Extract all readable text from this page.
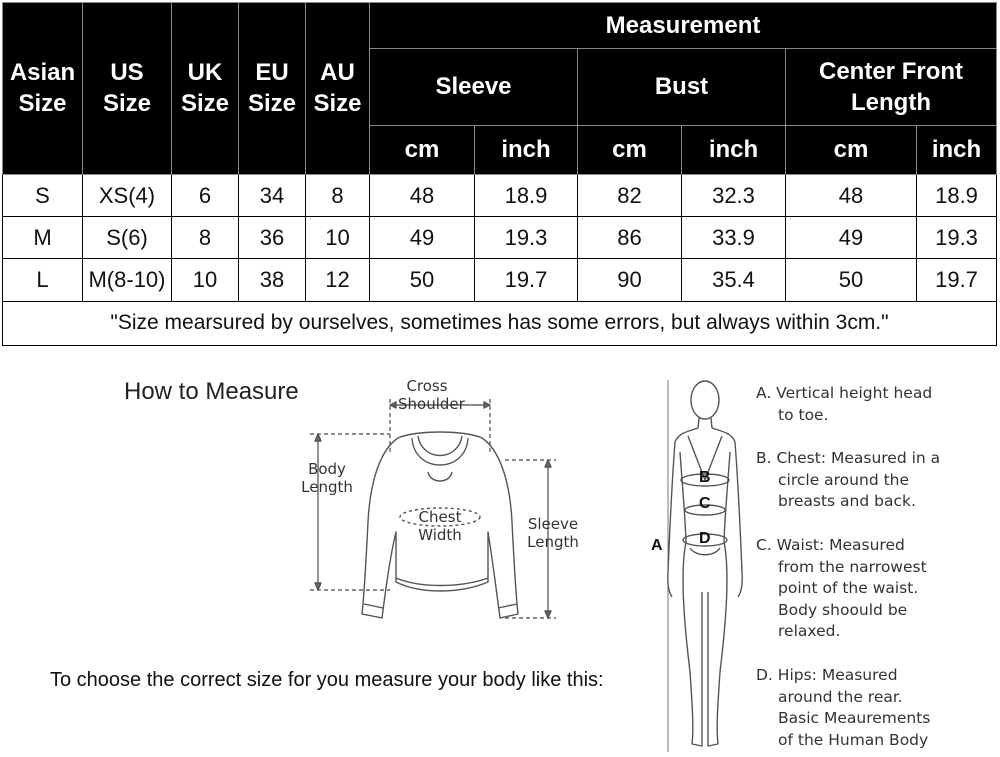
Asian Size	US Size	UK Size	EU Size	AU Size	Measurement					
					Sleeve		Bust		Center Front Length	
					cm	inch	cm	inch	cm	inch
S	XS(4)	6	34	8	48	18.9	82	32.3	48	18.9
M	S(6)	8	36	10	49	19.3	86	33.9	49	19.3
L	M(8-10)	10	38	12	50	19.7	90	35.4	50	19.7
"Size mearsured by ourselves, sometimes has some errors, but always within 3cm."										
How to Measure	Cross Shoulder
Body Length
Chest Width
Sleeve Length
To choose the correct size for you measure your body like this:
A
B
C
D
A. Vertical height head
to toe.
B. Chest: Measured in a
circle around the
breasts and back.
C. Waist: Measured
from the narrowest
point of the waist.
Body shoould be
relaxed.
D. Hips: Measured
around the rear.
Basic Meaurements
of the Human Body
